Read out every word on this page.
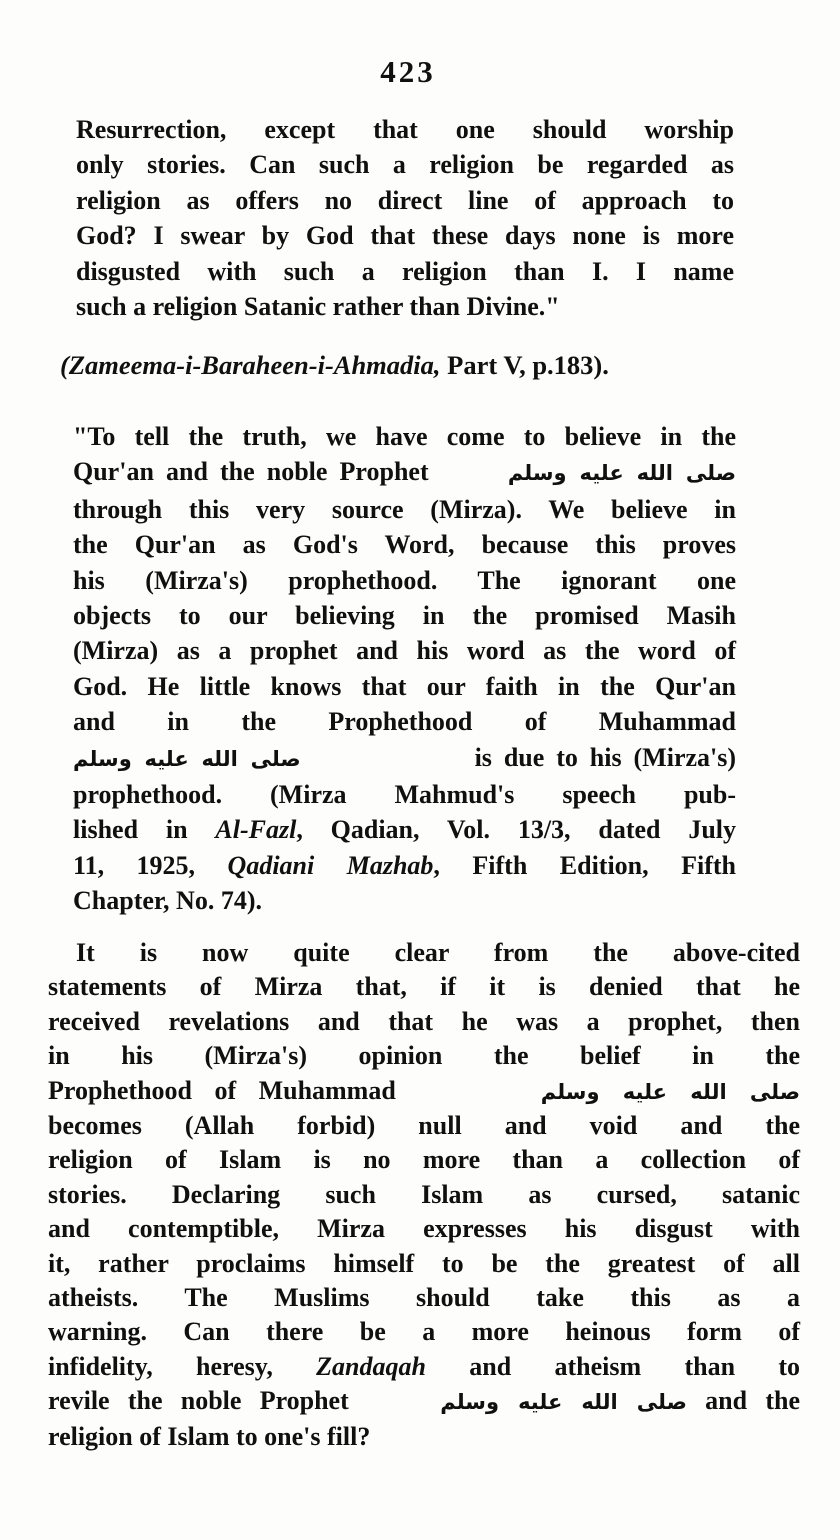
423
Resurrection, except that one should worship
only stories. Can such a religion be regarded as
religion as offers no direct line of approach to
God? I swear by God that these days none is more
disgusted with such a religion than I. I name
such a religion Satanic rather than Divine."
(Zameema-i-Baraheen-i-Ahmadia, Part V, p.183).
"To tell the truth, we have come to believe in the
Qur'an and the noble Prophet	صلى الله عليه وسلم
through this very source (Mirza). We believe in
the Qur'an as God's Word, because this proves
his (Mirza's) prophethood. The ignorant one
objects to our believing in the promised Masih
(Mirza) as a prophet and his word as the word of
God. He little knows that our faith in the Qur'an
and in the Prophethood of Muhammad
صلى الله عليه وسلم	is due to his (Mirza's)
prophethood. (Mirza Mahmud's speech pub-
lished in Al-Fazl, Qadian, Vol. 13/3, dated July
11, 1925, Qadiani Mazhab, Fifth Edition, Fifth
Chapter, No. 74).
It is now quite clear from the above-cited
statements of Mirza that, if it is denied that he
received revelations and that he was a prophet, then
in his (Mirza's) opinion the belief in the
Prophethood of Muhammad	صلى الله عليه وسلم
becomes (Allah forbid) null and void and the
religion of Islam is no more than a collection of
stories. Declaring such Islam as cursed, satanic
and contemptible, Mirza expresses his disgust with
it, rather proclaims himself to be the greatest of all
atheists. The Muslims should take this as a
warning. Can there be a more heinous form of
infidelity, heresy, Zandaqah and atheism than to
revile the noble Prophet	صلى الله عليه وسلم and the
religion of Islam to one's fill?
